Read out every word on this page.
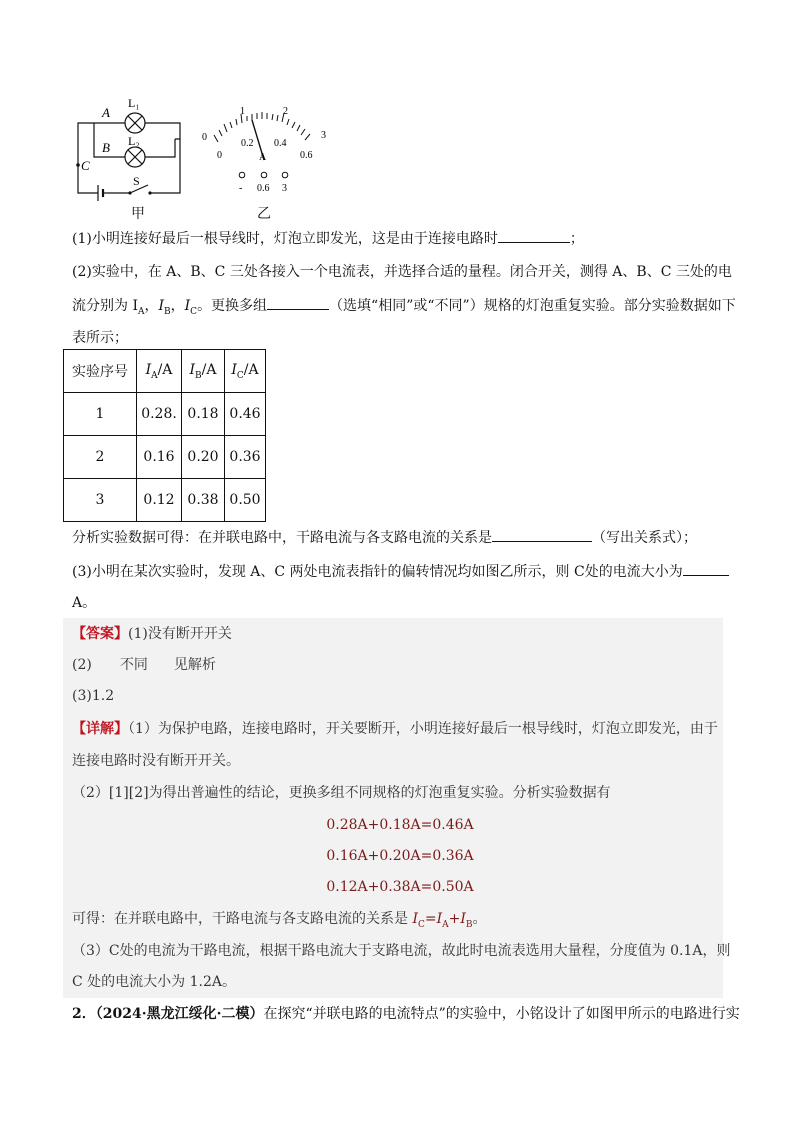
A
L₁
L₂
B
C
S
甲
0
1	2
3
0
0.2 0.4
0.6
A
- 0.6 3
乙
(1)小明连接好最后一根导线时，灯泡立即发光，这是由于连接电路时	；
(2)实验中，在 A、B、C 三处各接入一个电流表，并选择合适的量程。闭合开关，测得 A、B、C 三处的电
流分别为 $I_A$，$I_B$，$I_C$。更换多组	（选填“相同”或“不同”）规格的灯泡重复实验。部分实验数据如下
表所示；
实验序号	$I_A/A$	$I_B/A$	$I_C/A$
1	0.28.	0.18	0.46
2	0.16	0.20	0.36
3	0.12	0.38	0.50
分析实验数据可得：在并联电路中，干路电流与各支路电流的关系是	（写出关系式）；
(3)小明在某次实验时，发现 A、C 两处电流表指针的偏转情况均如图乙所示，则 C处的电流大小为
A。
【答案】(1)没有断开开关
(2) 不同 见解析
(3)1.2
【详解】（1）为保护电路，连接电路时，开关要断开，小明连接好最后一根导线时，灯泡立即发光，由于
连接电路时没有断开开关。
（2）[1][2]为得出普遍性的结论，更换多组不同规格的灯泡重复实验。分析实验数据有
0.28A+0.18A=0.46A
0.16A+0.20A=0.36A
0.12A+0.38A=0.50A
可得：在并联电路中，干路电流与各支路电流的关系是 $I_C=I_A+I_B$。
（3）C处的电流为干路电流，根据干路电流大于支路电流，故此时电流表选用大量程，分度值为 0.1A，则
C 处的电流大小为 1.2A。
2．（2024·黑龙江绥化·二模）在探究“并联电路的电流特点”的实验中，小铭设计了如图甲所示的电路进行实
